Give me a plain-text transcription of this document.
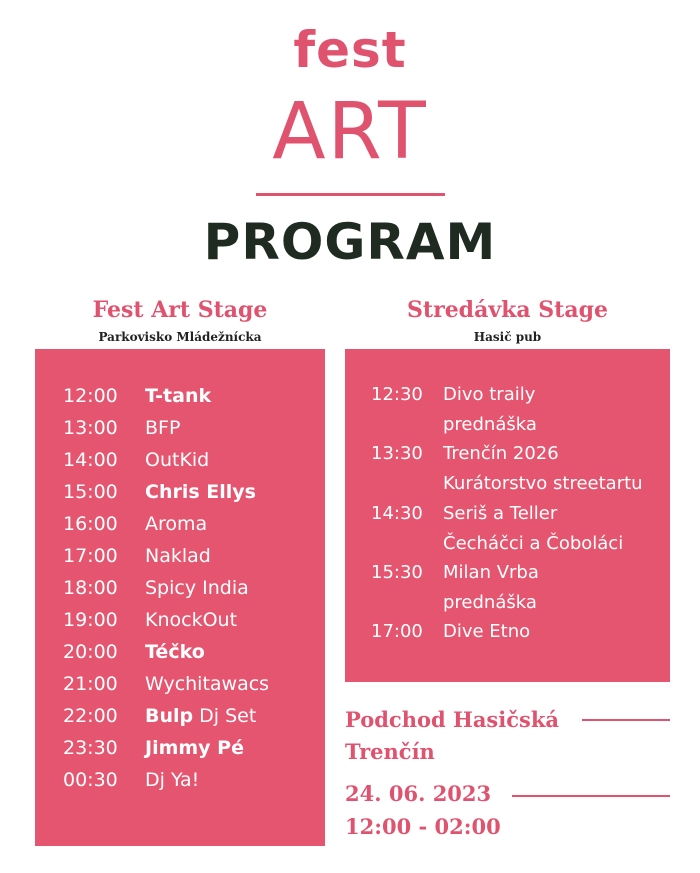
fest
ART
PROGRAM
Fest Art Stage
Parkovisko Mládežnícka
Stredávka Stage
Hasič pub
12:00 T-tank
13:00 BFP
14:00 OutKid
15:00 Chris Ellys
16:00 Aroma
17:00 Naklad
18:00 Spicy India
19:00 KnockOut
20:00 Téčko
21:00 Wychitawacs
22:00 Bulp Dj Set
23:30 Jimmy Pé
00:30 Dj Ya!
12:30 Divo traily
prednáška
13:30 Trenčín 2026
Kurátorstvo streetartu
14:30 Seriš a Teller
Čecháčci a Čoboláci
15:30 Milan Vrba
prednáška
17:00 Dive Etno
Podchod Hasičská
Trenčín
24. 06. 2023
12:00 - 02:00
